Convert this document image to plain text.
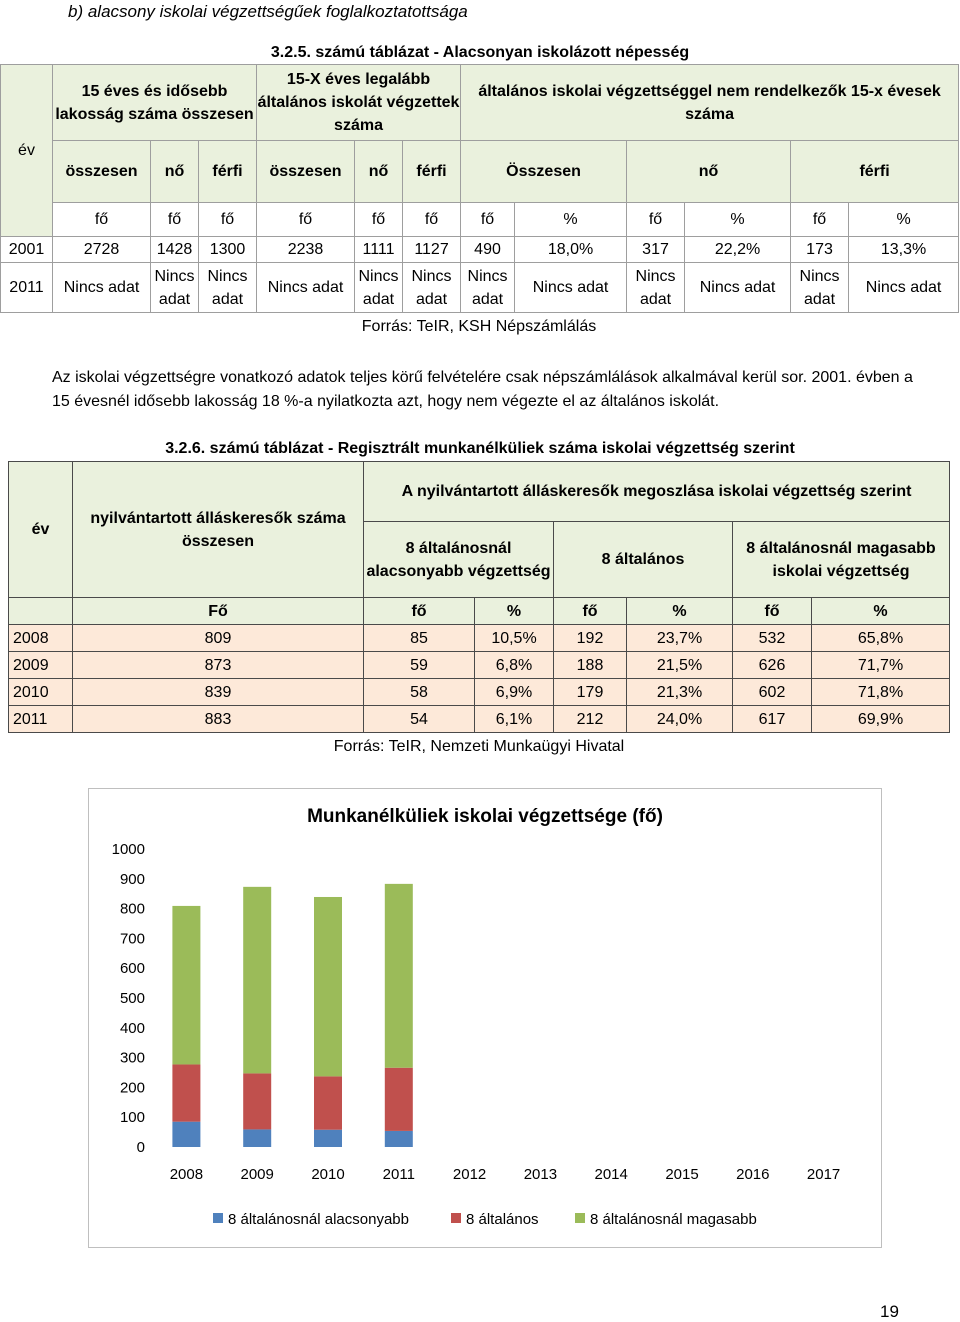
b) alacsony iskolai végzettségűek foglalkoztatottsága
3.2.5. számú táblázat - Alacsonyan iskolázott népesség
év	15 éves és idősebb lakosság száma összesen			15-X éves legalább általános iskolát végzettek száma			általános iskolai végzettséggel nem rendelkezők 15-x évesek száma					
	összesen	nő	férfi	összesen	nő	férfi	Összesen		nő		férfi	
	fő	fő	fő	fő	fő	fő	fő	%	fő	%	fő	%
2001	2728	1428	1300	2238	1111	1127	490	18,0%	317	22,2%	173	13,3%
2011	Nincs adat	Nincs adat	Nincs adat	Nincs adat	Nincs adat	Nincs adat	Nincs adat	Nincs adat	Nincs adat	Nincs adat	Nincs adat	Nincs adat
Forrás: TeIR, KSH Népszámlálás
Az iskolai végzettségre vonatkozó adatok teljes körű felvételére csak népszámlálások alkalmával kerül sor. 2001. évben a 15 évesnél idősebb lakosság 18 %-a nyilatkozta azt, hogy nem végezte el az általános iskolát.
3.2.6. számú táblázat - Regisztrált munkanélküliek száma iskolai végzettség szerint
év	nyilvántartott álláskeresők száma összesen	A nyilvántartott álláskeresők megoszlása iskolai végzettség szerint					
		8 általánosnál alacsonyabb végzettség		8 általános		8 általánosnál magasabb iskolai végzettség	
	Fő	fő	%	fő	%	fő	%
2008	809	85	10,5%	192	23,7%	532	65,8%
2009	873	59	6,8%	188	21,5%	626	71,7%
2010	839	58	6,9%	179	21,3%	602	71,8%
2011	883	54	6,1%	212	24,0%	617	69,9%
Forrás: TeIR, Nemzeti Munkaügyi Hivatal
Munkanélküliek iskolai végzettsége (fő)
0
100
200
300
400
500
600
700
800
900
1000
2008 2009 2010	2011	2012 2013 2014 2015 2016 2017
8 általánosnál alacsonyabb	8 általános	8 általánosnál magasabb
19
